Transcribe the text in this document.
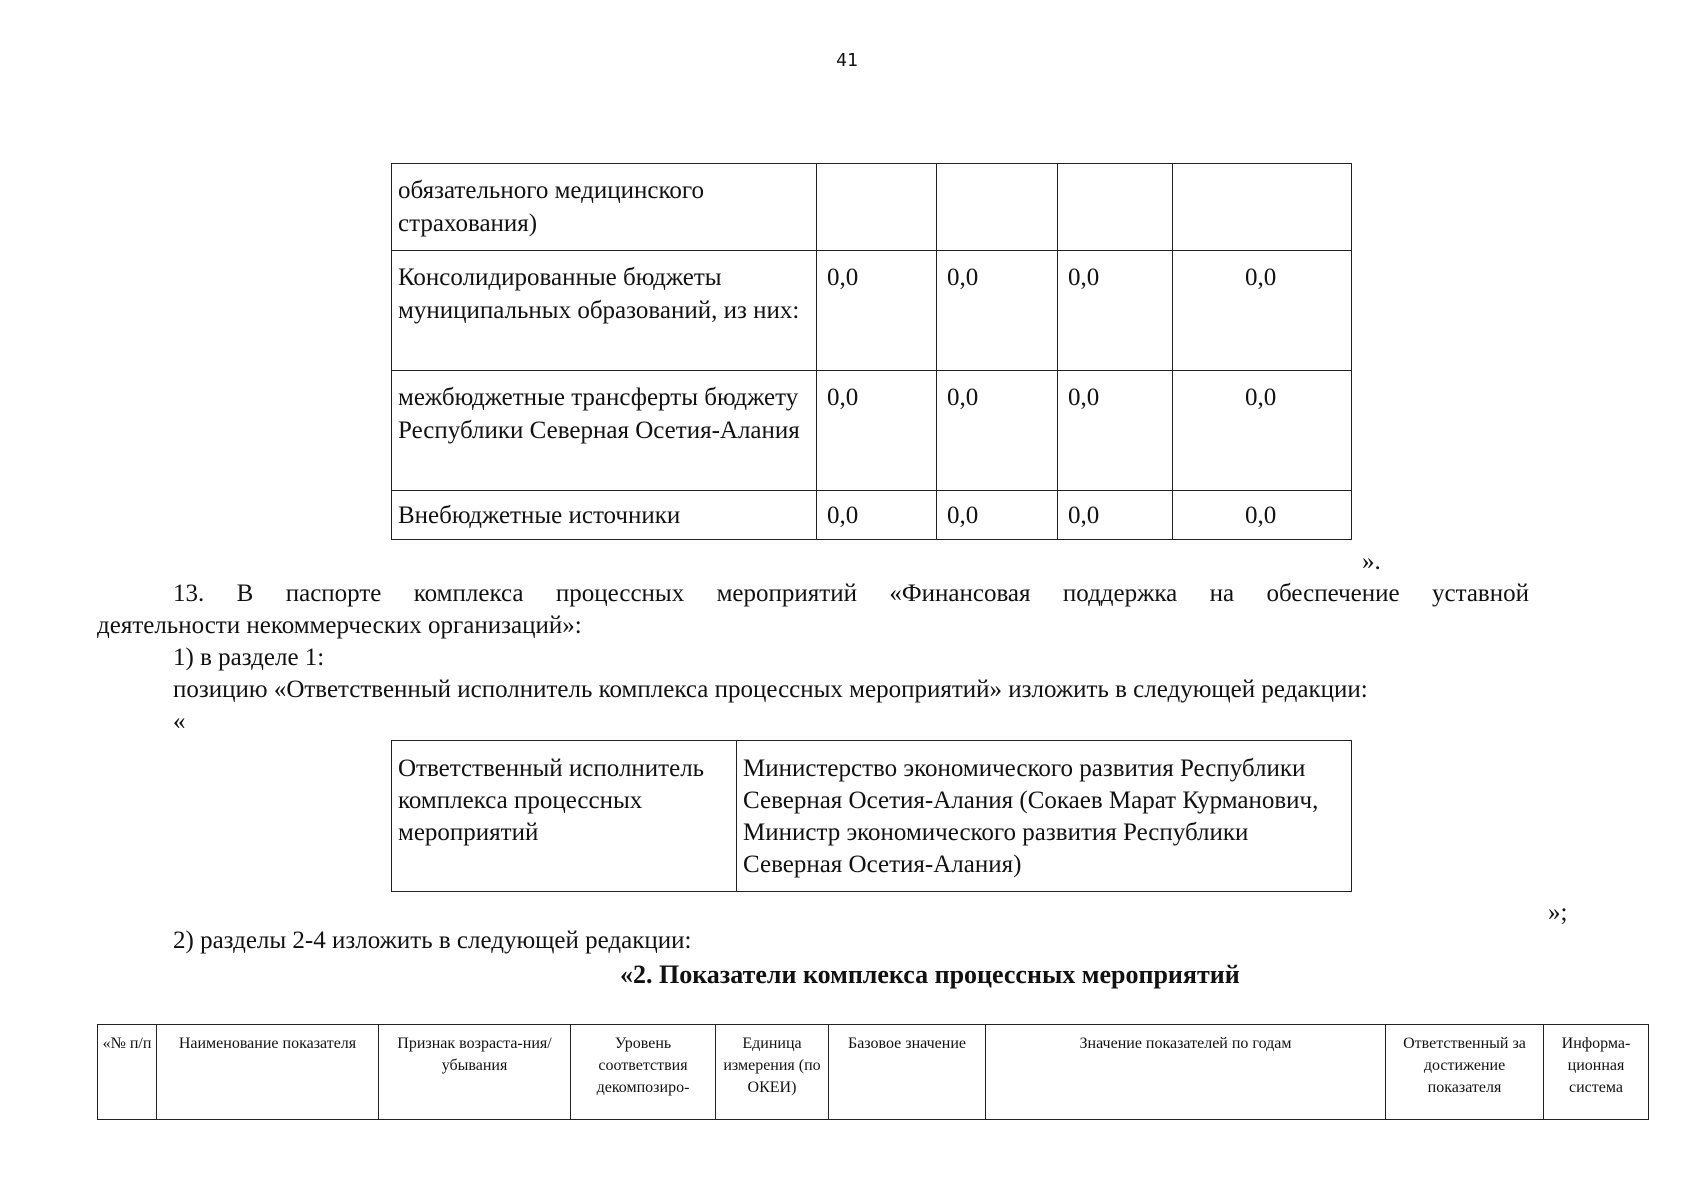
41
обязательного медицинского страхования)				
Консолидированные бюджеты муниципальных образований, из них:	0,0	0,0	0,0	0,0
межбюджетные трансферты бюджету Республики Северная Осетия-Алания	0,0	0,0	0,0	0,0
Внебюджетные источники	0,0	0,0	0,0	0,0
».
13. В паспорте комплекса процессных мероприятий «Финансовая поддержка на обеспечение уставной
деятельности некоммерческих организаций»:
1) в разделе 1:
позицию «Ответственный исполнитель комплекса процессных мероприятий» изложить в следующей редакции:
«
Ответственный исполнитель комплекса процессных мероприятий	Министерство экономического развития Республики Северная Осетия-Алания (Сокаев Марат Курманович, Министр экономического развития Республики Северная Осетия-Алания)
»;
2) разделы 2-4 изложить в следующей редакции:
«2. Показатели комплекса процессных мероприятий
«№ п/п	Наименование показателя	Признак возраста-ния/убывания	Уровень соответствия декомпозиро-	Единица измерения (по ОКЕИ)	Базовое значение	Значение показателей по годам	Ответственный за достижение показателя	Информа-ционная система
